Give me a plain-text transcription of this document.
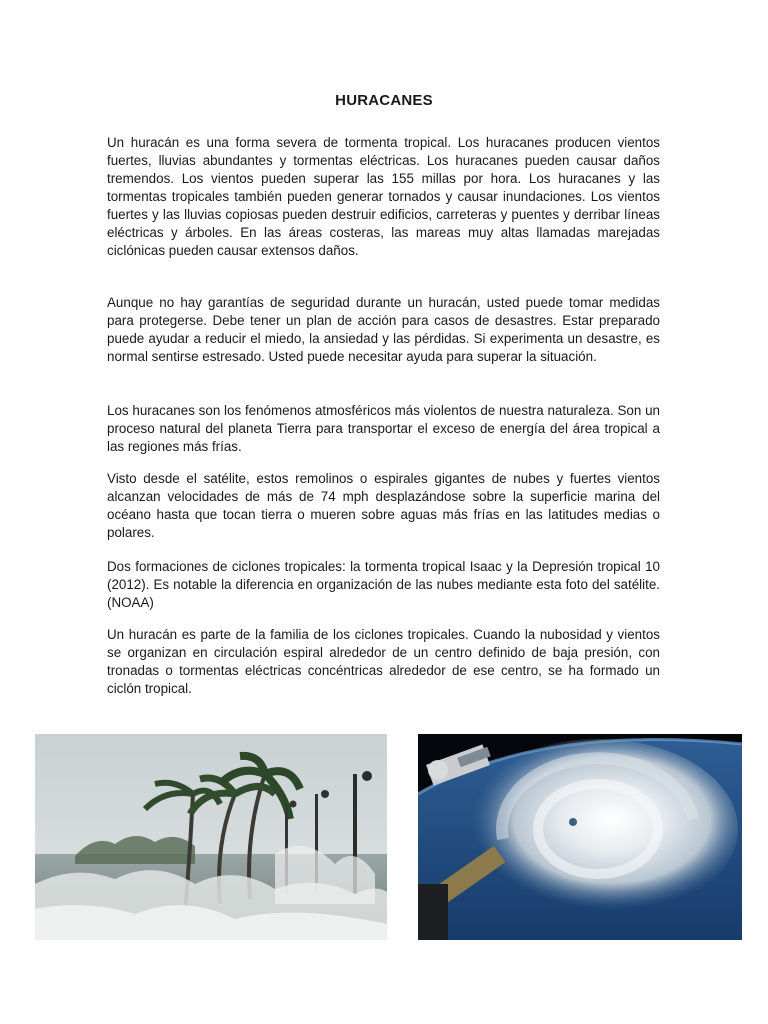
HURACANES

Un huracán es una forma severa de tormenta tropical. Los huracanes producen vientos fuertes, lluvias abundantes y tormentas eléctricas. Los huracanes pueden causar daños tremendos. Los vientos pueden superar las 155 millas por hora. Los huracanes y las tormentas tropicales también pueden generar tornados y causar inundaciones. Los vientos fuertes y las lluvias copiosas pueden destruir edificios, carreteras y puentes y derribar líneas eléctricas y árboles. En las áreas costeras, las mareas muy altas llamadas marejadas ciclónicas pueden causar extensos daños.

Aunque no hay garantías de seguridad durante un huracán, usted puede tomar medidas para protegerse. Debe tener un plan de acción para casos de desastres. Estar preparado puede ayudar a reducir el miedo, la ansiedad y las pérdidas. Si experimenta un desastre, es normal sentirse estresado. Usted puede necesitar ayuda para superar la situación.

Los huracanes son los fenómenos atmosféricos más violentos de nuestra naturaleza. Son un proceso natural del planeta Tierra para transportar el exceso de energía del área tropical a las regiones más frías.

Visto desde el satélite, estos remolinos o espirales gigantes de nubes y fuertes vientos alcanzan velocidades de más de 74 mph desplazándose sobre la superficie marina del océano hasta que tocan tierra o mueren sobre aguas más frías en las latitudes medias o polares.

Dos formaciones de ciclones tropicales: la tormenta tropical Isaac y la Depresión tropical 10 (2012). Es notable la diferencia en organización de las nubes mediante esta foto del satélite. (NOAA)

Un huracán es parte de la familia de los ciclones tropicales. Cuando la nubosidad y vientos se organizan en circulación espiral alrededor de un centro definido de baja presión, con tronadas o tormentas eléctricas concéntricas alrededor de ese centro, se ha formado un ciclón tropical.
